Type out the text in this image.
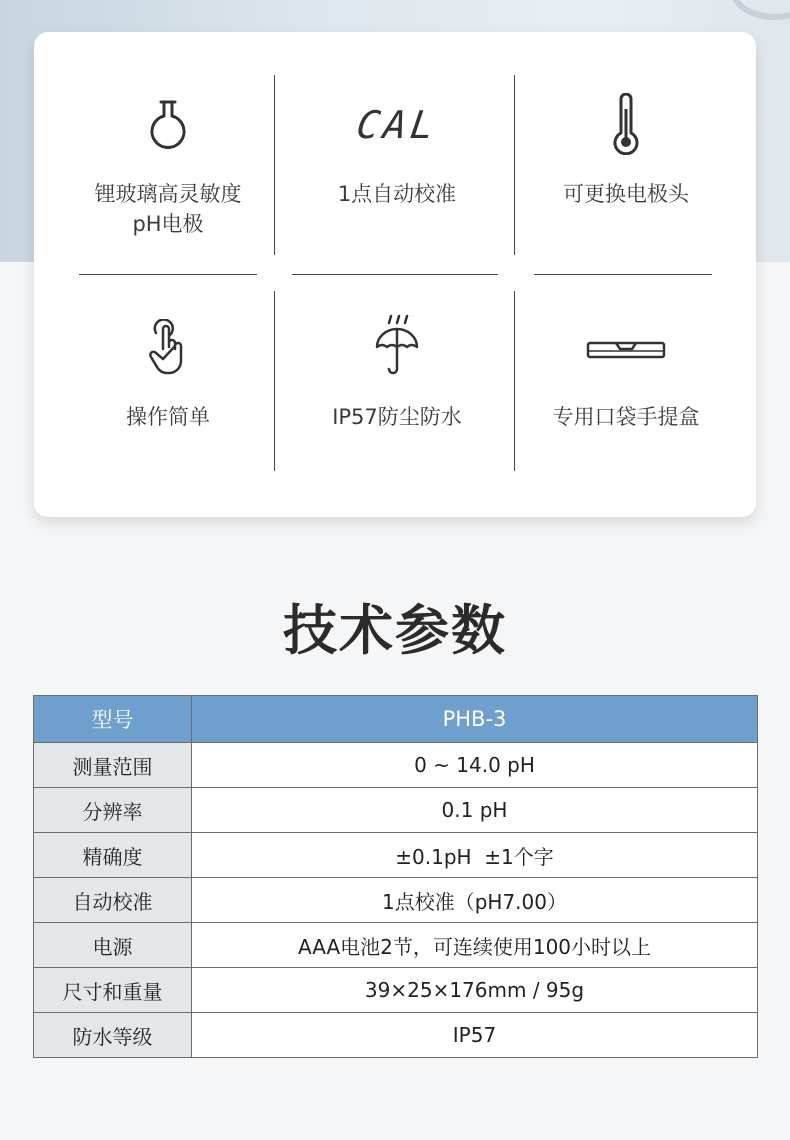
锂玻璃高灵敏度
pH电极
CAL
1点自动校准	可更换电极头
操作简单	IP57防尘防水	专用口袋手提盒
技术参数
型号	PHB-3
测量范围	0 ~ 14.0 pH
分辨率	0.1 pH
精确度	±0.1pH  ±1个字
自动校准	1点校准（pH7.00）
电源	AAA电池2节，可连续使用100小时以上
尺寸和重量	39×25×176mm / 95g
防水等级	IP57
